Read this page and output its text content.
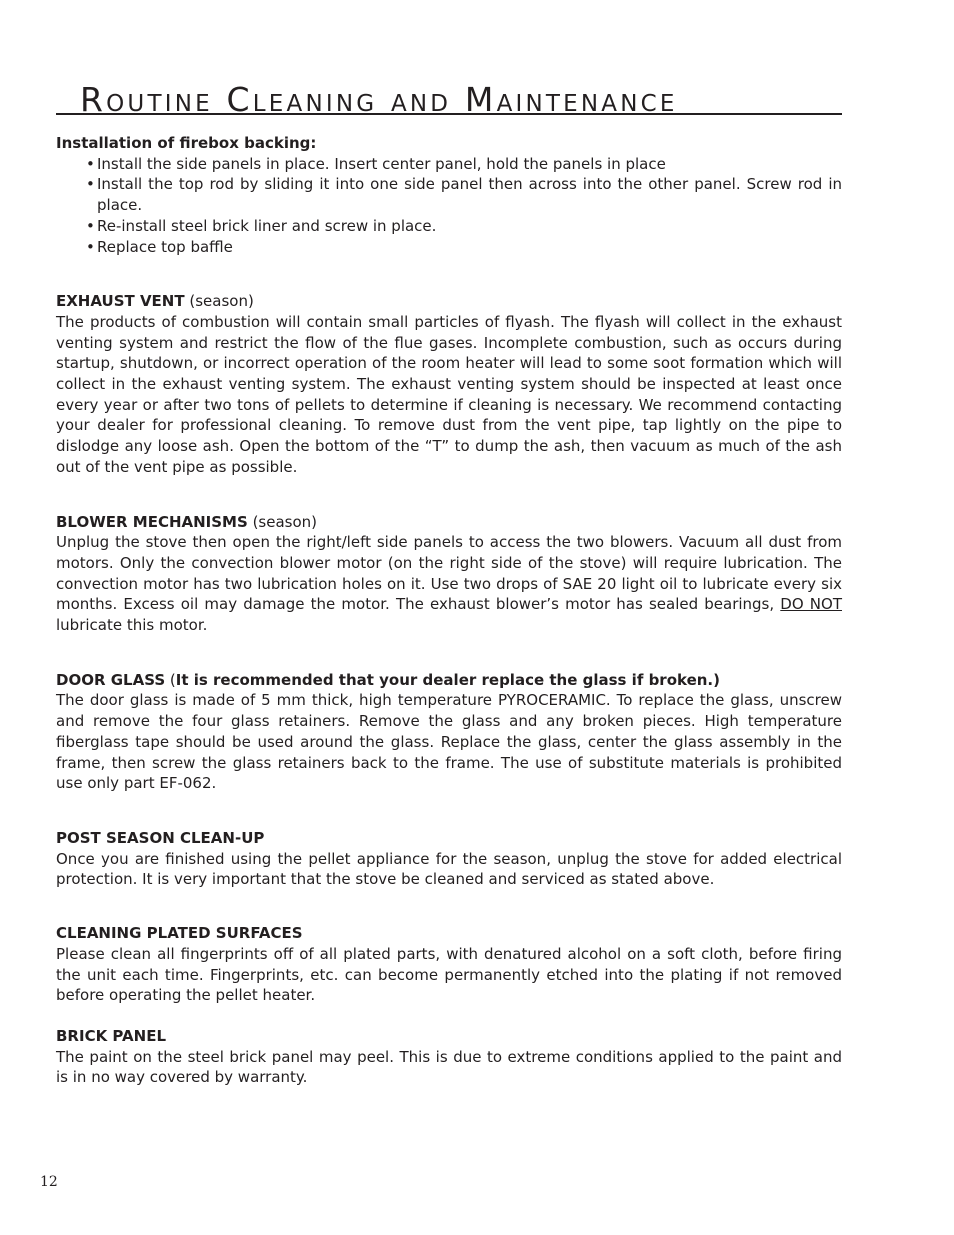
Routine Cleaning and Maintenance

Installation of firebox backing:

• Install the side panels in place. Insert center panel, hold the panels in place
• Install the top rod by sliding it into one side panel then across into the other panel. Screw rod in place.
• Re-install steel brick liner and screw in place.
• Replace top baffle

EXHAUST VENT (season)

The products of combustion will contain small particles of flyash. The flyash will collect in the exhaust venting system and restrict the flow of the flue gases. Incomplete combustion, such as occurs during startup, shutdown, or incorrect operation of the room heater will lead to some soot formation which will collect in the exhaust venting system. The exhaust venting system should be inspected at least once every year or after two tons of pellets to determine if cleaning is necessary. We recommend contacting your dealer for professional cleaning. To remove dust from the vent pipe, tap lightly on the pipe to dislodge any loose ash. Open the bottom of the “T” to dump the ash, then vacuum as much of the ash out of the vent pipe as possible.

BLOWER MECHANISMS (season)

Unplug the stove then open the right/left side panels to access the two blowers. Vacuum all dust from motors. Only the convection blower motor (on the right side of the stove) will require lubrication. The convection motor has two lubrication holes on it. Use two drops of SAE 20 light oil to lubricate every six months. Excess oil may damage the motor. The exhaust blower’s motor has sealed bearings, DO NOT lubricate this motor.

DOOR GLASS (It is recommended that your dealer replace the glass if broken.)

The door glass is made of 5 mm thick, high temperature PYROCERAMIC. To replace the glass, unscrew and remove the four glass retainers. Remove the glass and any broken pieces. High temperature fiberglass tape should be used around the glass. Replace the glass, center the glass assembly in the frame, then screw the glass retainers back to the frame. The use of substitute materials is prohibited use only part EF-062.

POST SEASON CLEAN-UP

Once you are finished using the pellet appliance for the season, unplug the stove for added electrical protection. It is very important that the stove be cleaned and serviced as stated above.

CLEANING PLATED SURFACES

Please clean all fingerprints off of all plated parts, with denatured alcohol on a soft cloth, before firing the unit each time. Fingerprints, etc. can become permanently etched into the plating if not removed before operating the pellet heater.

BRICK PANEL

The paint on the steel brick panel may peel. This is due to extreme conditions applied to the paint and is in no way covered by warranty.

12
